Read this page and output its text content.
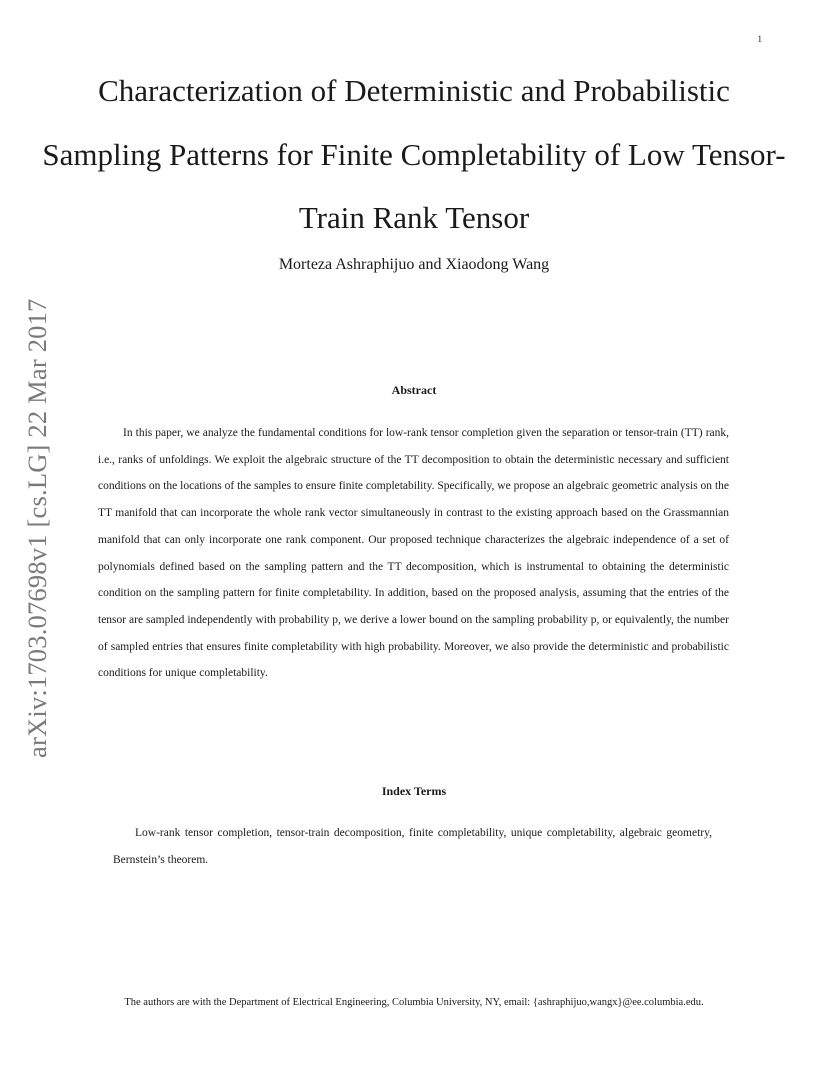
1
arXiv:1703.07698v1 [cs.LG] 22 Mar 2017
Characterization of Deterministic and Probabilistic Sampling Patterns for Finite Completability of Low Tensor-Train Rank Tensor
Morteza Ashraphijuo and Xiaodong Wang
Abstract

In this paper, we analyze the fundamental conditions for low-rank tensor completion given the separation or tensor-train (TT) rank, i.e., ranks of unfoldings. We exploit the algebraic structure of the TT decomposition to obtain the deterministic necessary and sufficient conditions on the locations of the samples to ensure finite completability. Specifically, we propose an algebraic geometric analysis on the TT manifold that can incorporate the whole rank vector simultaneously in contrast to the existing approach based on the Grassmannian manifold that can only incorporate one rank component. Our proposed technique characterizes the algebraic independence of a set of polynomials defined based on the sampling pattern and the TT decomposition, which is instrumental to obtaining the deterministic condition on the sampling pattern for finite completability. In addition, based on the proposed analysis, assuming that the entries of the tensor are sampled independently with probability p, we derive a lower bound on the sampling probability p, or equivalently, the number of sampled entries that ensures finite completability with high probability. Moreover, we also provide the deterministic and probabilistic conditions for unique completability.

Index Terms

Low-rank tensor completion, tensor-train decomposition, finite completability, unique completability, algebraic geometry, Bernstein’s theorem.

The authors are with the Department of Electrical Engineering, Columbia University, NY, email: {ashraphijuo,wangx}@ee.columbia.edu.
